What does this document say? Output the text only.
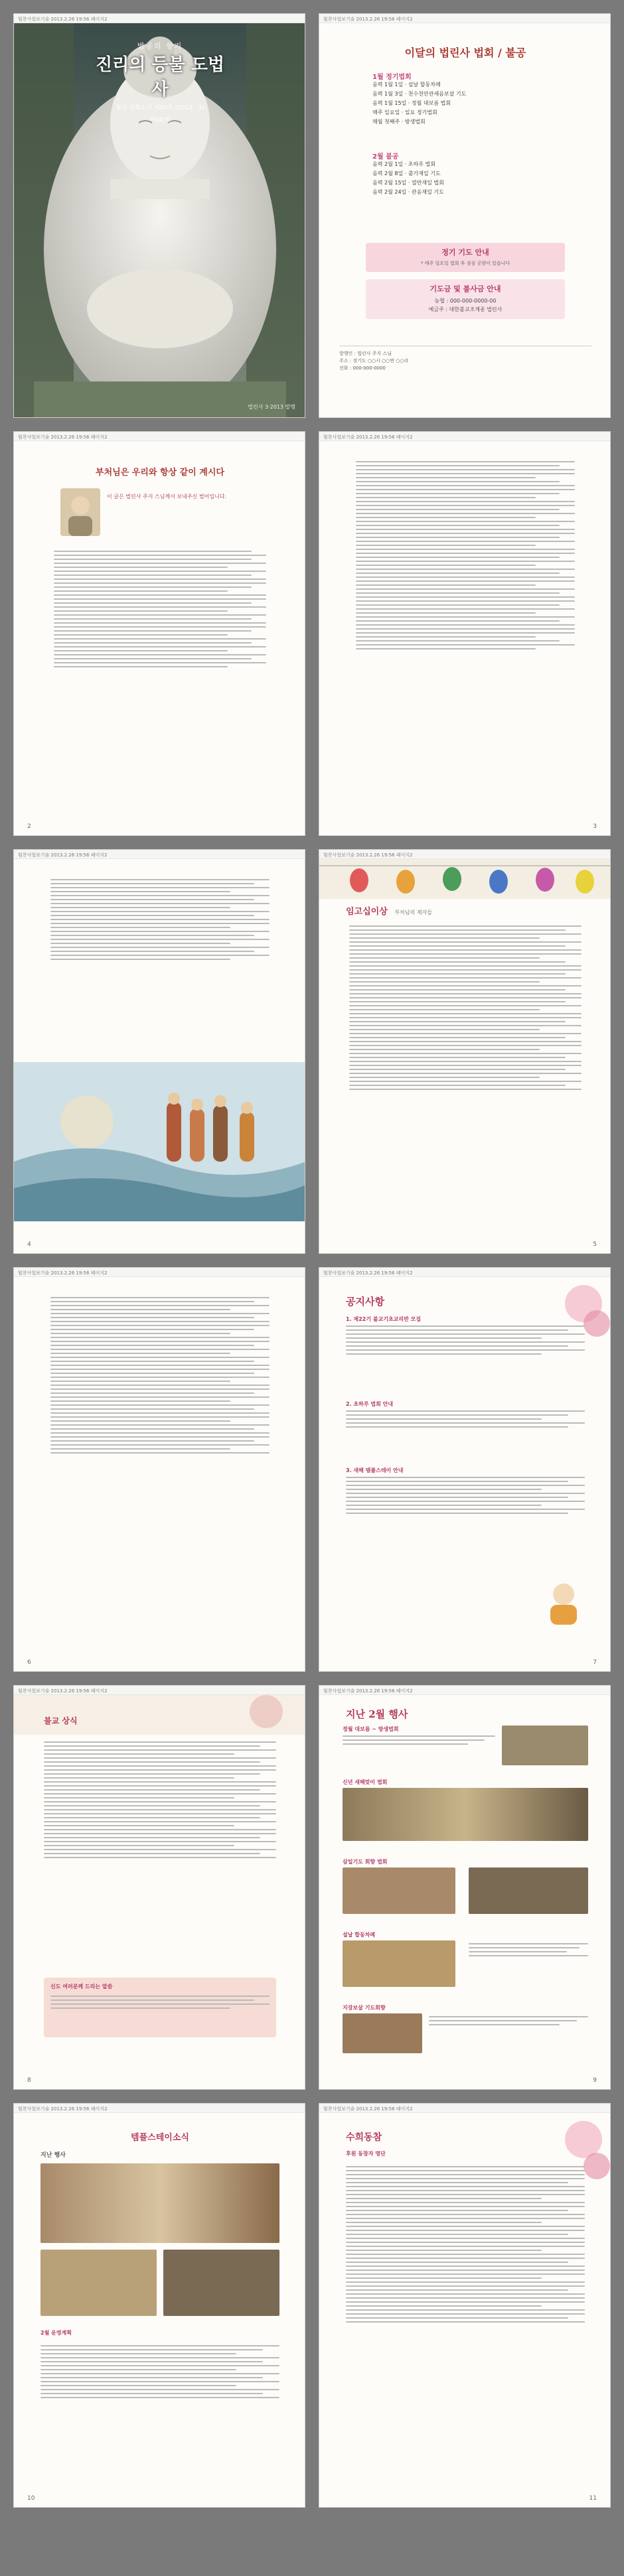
힘찬사업보기술 2013.2.26 19:56 페이지2
법공의 향기
진리의 등불 도법사
월간 법회소식 제00호 (2013 · 3)
제00호
법린사 3·2013 발행
힘찬사업보기술 2013.2.26 19:56 페이지2
이달의 법린사 법회 / 불공
1월 정기법회
음력 1월 1일 · 설날 합동차례
음력 1월 3일 · 천수천안관세음보살 기도
음력 1월 15일 · 정월 대보름 법회
매주 일요일 · 일요 정기법회
매월 첫째주 · 방생법회
2월 불공
음력 2월 1일 · 초하루 법회
음력 2월 8일 · 출가재일 기도
음력 2월 15일 · 열반재일 법회
음력 2월 24일 · 관음재일 기도
정기 기도 안내
* 매주 일요일 법회 후 점심 공양이 있습니다
기도금 및 불사금 안내
농협 : 000-000-0000-00
예금주 : 대한불교조계종 법린사
발행인 : 법린사 주지 스님
주소 : 경기도 ○○시 ○○면 ○○리
전화 : 000-000-0000
힘찬사업보기술 2013.2.26 19:56 페이지2
부처님은 우리와 항상 같이 계시다
이 글은 법린사 주지 스님께서 보내주신 법어입니다.
2
힘찬사업보기술 2013.2.26 19:56 페이지2
3
힘찬사업보기술 2013.2.26 19:56 페이지2
4
힘찬사업보기술 2013.2.26 19:56 페이지2
임고십이상 부처님의 제자들
5
힘찬사업보기술 2013.2.26 19:56 페이지2
6
힘찬사업보기술 2013.2.26 19:56 페이지2
공지사항
1. 제22기 불교기초교리반 모집
2. 초하루 법회 안내
3. 새해 템플스테이 안내
7
힘찬사업보기술 2013.2.26 19:56 페이지2
불교 상식
신도 여러분께 드리는 말씀
8
힘찬사업보기술 2013.2.26 19:56 페이지2
지난 2월 행사
정월 대보름 ~ 방생법회
신년 새해맞이 법회
삼일기도 회향 법회
설날 합동차례
지장보살 기도회향
9
힘찬사업보기술 2013.2.26 19:56 페이지2
템플스테이소식
지난 행사
2월 운영계획
10
힘찬사업보기술 2013.2.26 19:56 페이지2
수희동참
후원 동참자 명단
11
